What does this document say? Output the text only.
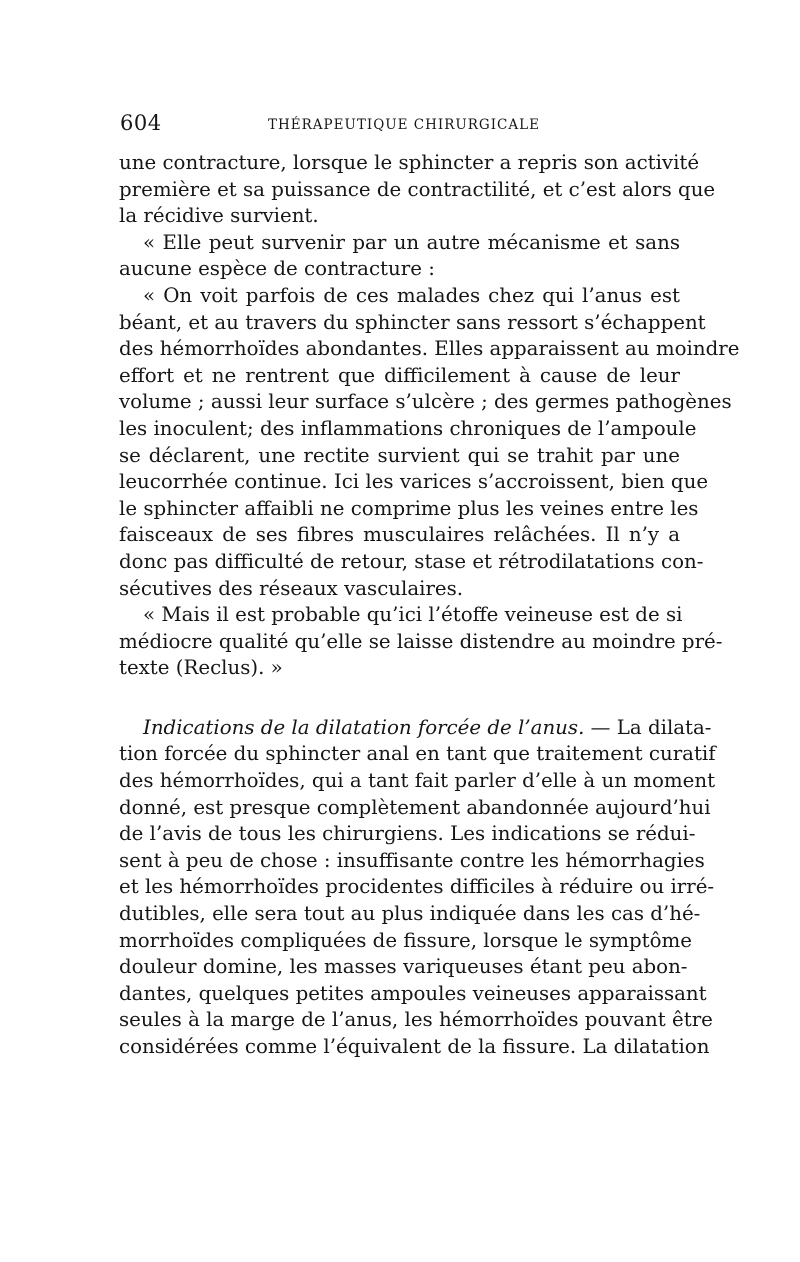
604	THÉRAPEUTIQUE CHIRURGICALE
une contracture, lorsque le sphincter a repris son activité
première et sa puissance de contractilité, et c’est alors que
la récidive survient.
« Elle peut survenir par un autre mécanisme et sans
aucune espèce de contracture :
« On voit parfois de ces malades chez qui l’anus est
béant, et au travers du sphincter sans ressort s’échappent
des hémorrhoïdes abondantes. Elles apparaissent au moindre
effort et ne rentrent que difficilement à cause de leur
volume ; aussi leur surface s’ulcère ; des germes pathogènes
les inoculent; des inflammations chroniques de l’ampoule
se déclarent, une rectite survient qui se trahit par une
leucorrhée continue. Ici les varices s’accroissent, bien que
le sphincter affaibli ne comprime plus les veines entre les
faisceaux de ses fibres musculaires relâchées. Il n’y a
donc pas difficulté de retour, stase et rétrodilatations con-
sécutives des réseaux vasculaires.
« Mais il est probable qu’ici l’étoffe veineuse est de si
médiocre qualité qu’elle se laisse distendre au moindre pré-
texte (Reclus). »
Indications de la dilatation forcée de l’anus. — La dilata-
tion forcée du sphincter anal en tant que traitement curatif
des hémorrhoïdes, qui a tant fait parler d’elle à un moment
donné, est presque complètement abandonnée aujourd’hui
de l’avis de tous les chirurgiens. Les indications se rédui-
sent à peu de chose : insuffisante contre les hémorrhagies
et les hémorrhoïdes procidentes difficiles à réduire ou irré-
dutibles, elle sera tout au plus indiquée dans les cas d’hé-
morrhoïdes compliquées de fissure, lorsque le symptôme
douleur domine, les masses variqueuses étant peu abon-
dantes, quelques petites ampoules veineuses apparaissant
seules à la marge de l’anus, les hémorrhoïdes pouvant être
considérées comme l’équivalent de la fissure. La dilatation
